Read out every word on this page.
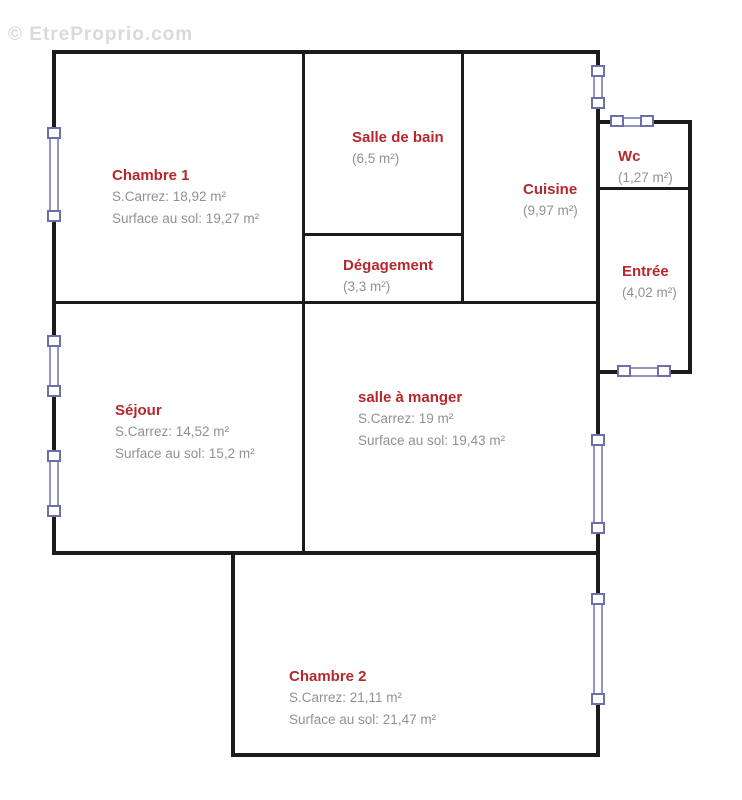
© EtreProprio.com
Chambre 1
S.Carrez: 18,92 m²
Surface au sol: 19,27 m²
Salle de bain
(6,5 m²)
Cuisine
(9,97 m²)
Wc
(1,27 m²)
Entrée
(4,02 m²)
Dégagement
(3,3 m²)
Séjour
S.Carrez: 14,52 m²
Surface au sol: 15,2 m²
salle à manger
S.Carrez: 19 m²
Surface au sol: 19,43 m²
Chambre 2
S.Carrez: 21,11 m²
Surface au sol: 21,47 m²
